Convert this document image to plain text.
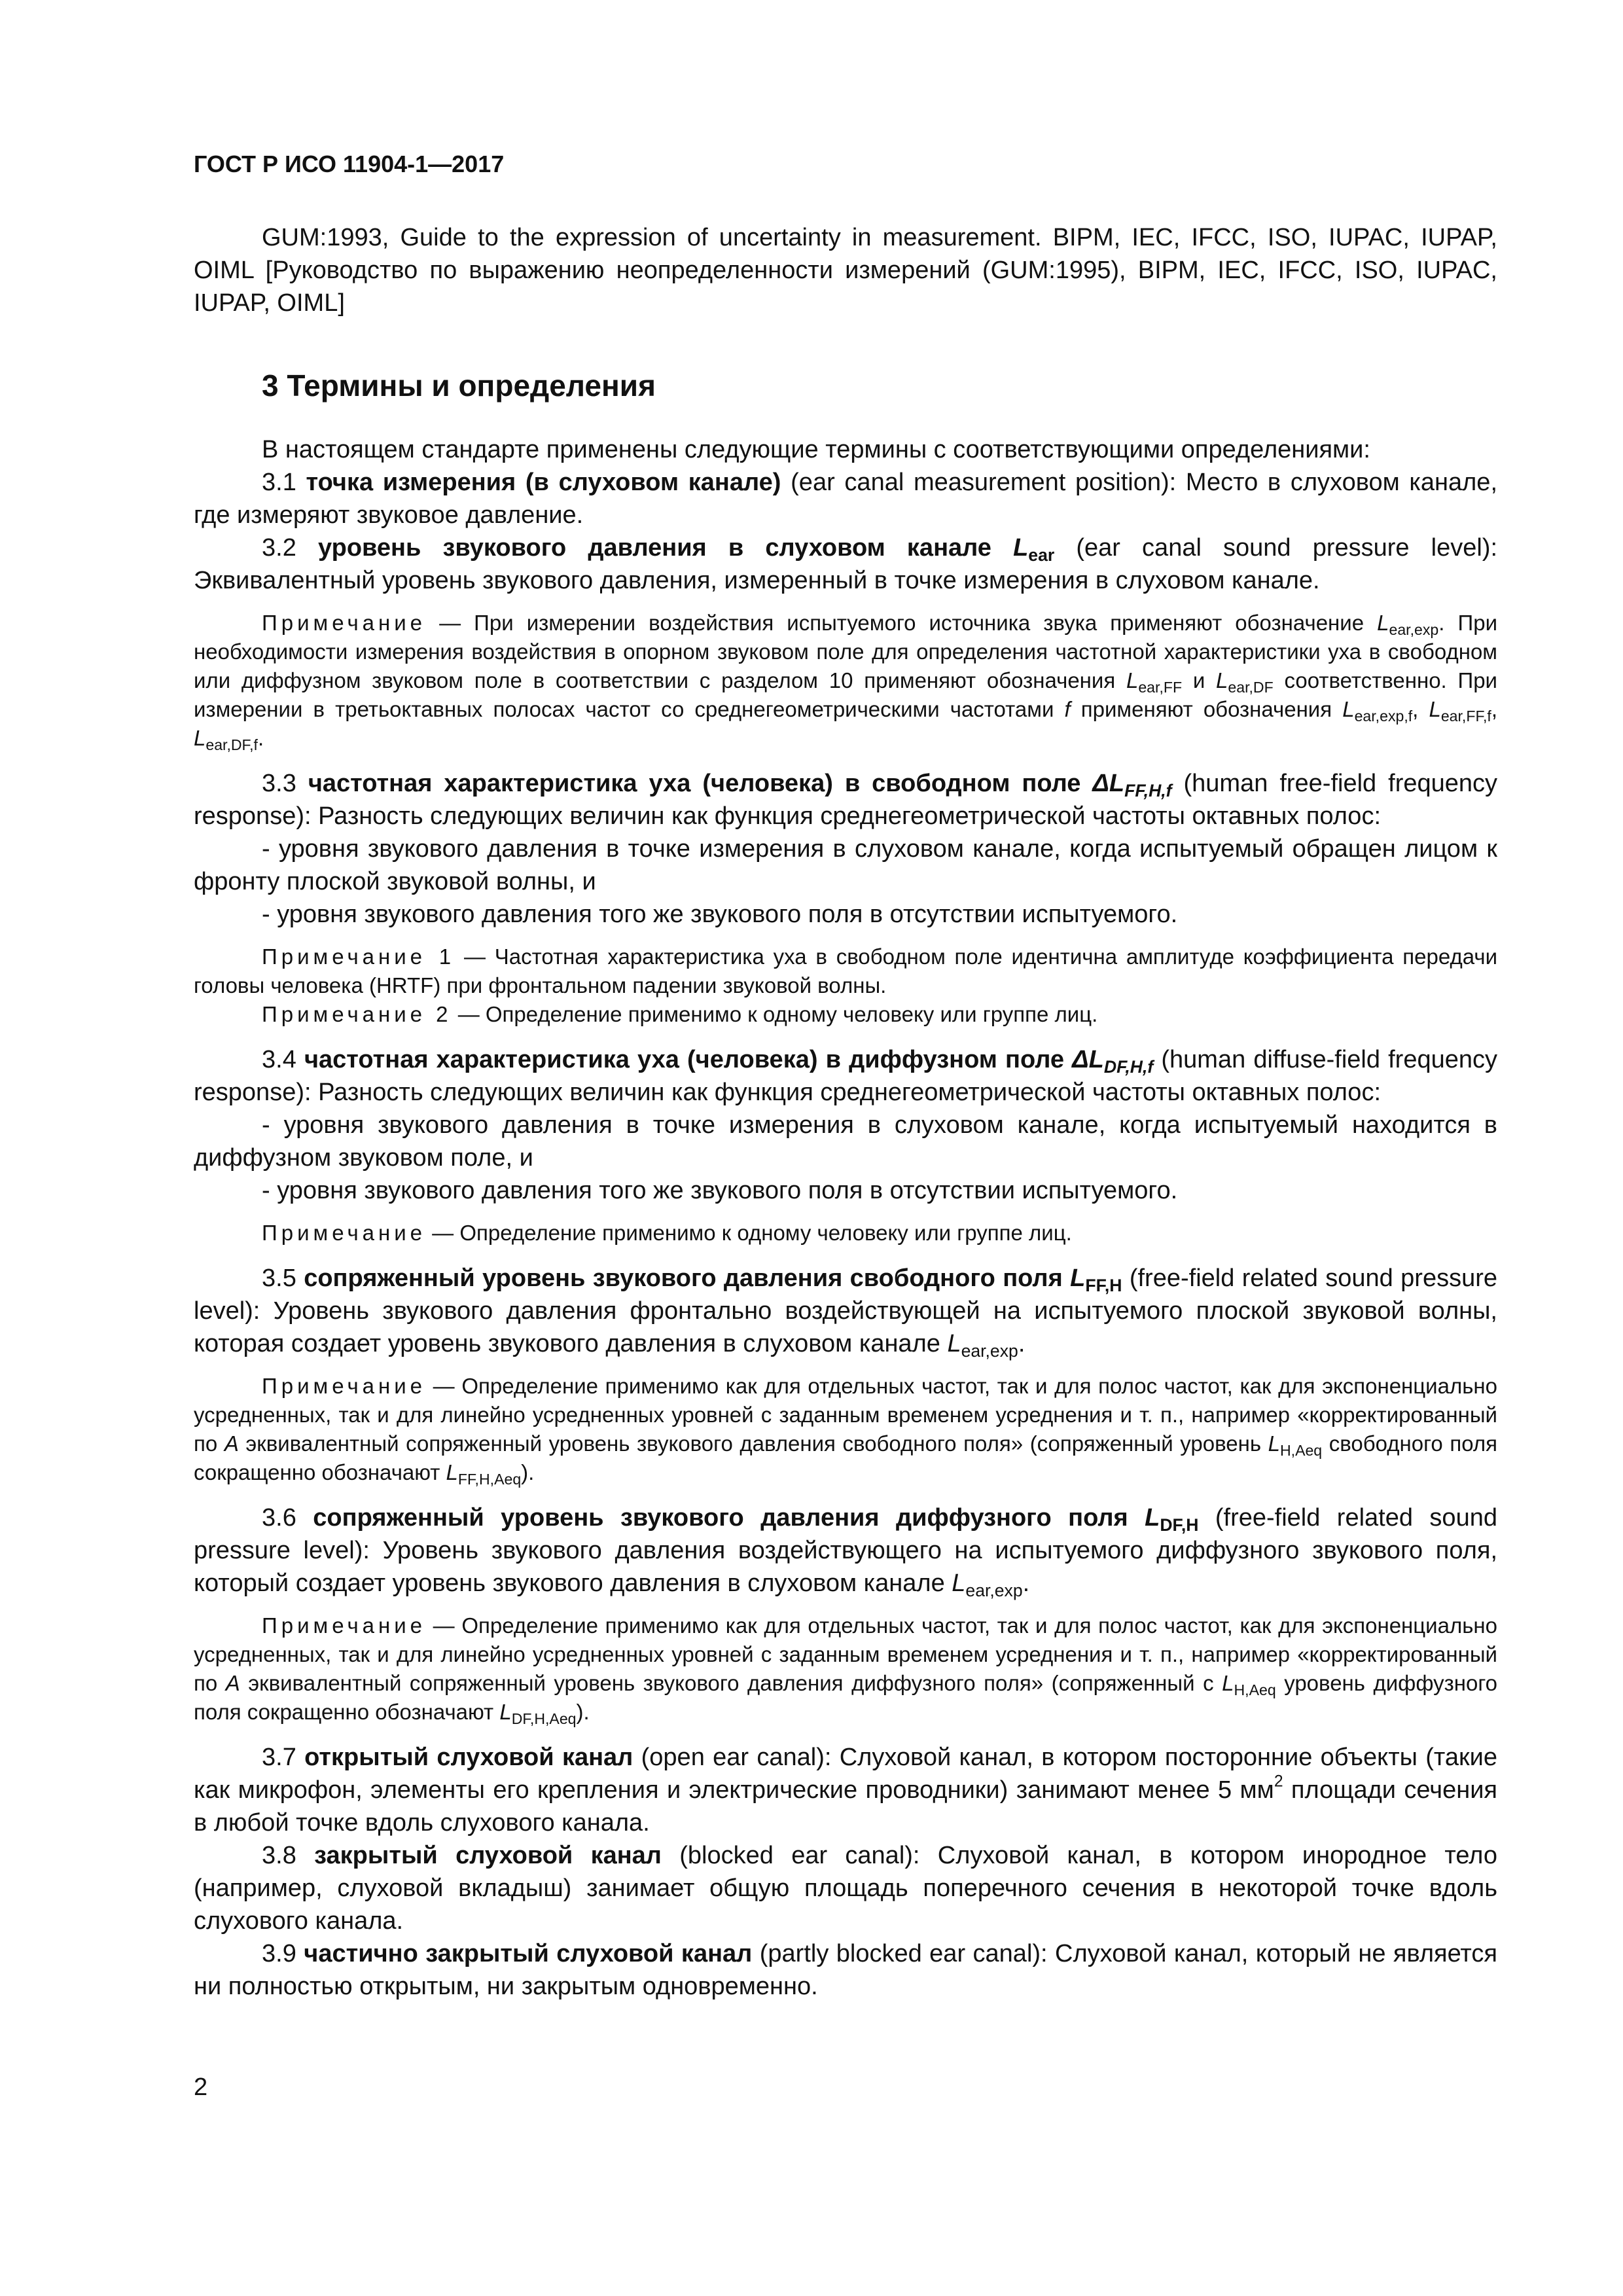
ГОСТ Р ИСО 11904-1—2017

GUM:1993, Guide to the expression of uncertainty in measurement. BIPM, IEC, IFCC, ISO, IUPAC, IUPAP, OIML [Руководство по выражению неопределенности измерений (GUM:1995), BIPM, IEC, IFCC, ISO, IUPAC, IUPAP, OIML]

3 Термины и определения

В настоящем стандарте применены следующие термины с соответствующими определениями:

3.1 точка измерения (в слуховом канале) (ear canal measurement position): Место в слуховом канале, где измеряют звуковое давление.

3.2 уровень звукового давления в слуховом канале $L_{ear}$ (ear canal sound pressure level): Эквивалентный уровень звукового давления, измеренный в точке измерения в слуховом канале.

Примечание — При измерении воздействия испытуемого источника звука применяют обозначение $L_{ear,exp}$. При необходимости измерения воздействия в опорном звуковом поле для определения частотной характеристики уха в свободном или диффузном звуковом поле в соответствии с разделом 10 применяют обозначения $L_{ear,FF}$ и $L_{ear,DF}$ соответственно. При измерении в третьоктавных полосах частот со среднегеометрическими частотами f применяют обозначения $L_{ear,exp,f}$, $L_{ear,FF,f}$, $L_{ear,DF,f}$.

3.3 частотная характеристика уха (человека) в свободном поле $\Delta L_{FF,H,f}$ (human free-field frequency response): Разность следующих величин как функция среднегеометрической частоты октавных полос:

- уровня звукового давления в точке измерения в слуховом канале, когда испытуемый обращен лицом к фронту плоской звуковой волны, и

- уровня звукового давления того же звукового поля в отсутствии испытуемого.

Примечание 1 — Частотная характеристика уха в свободном поле идентична амплитуде коэффициента передачи головы человека (HRTF) при фронтальном падении звуковой волны.

Примечание 2 — Определение применимо к одному человеку или группе лиц.

3.4 частотная характеристика уха (человека) в диффузном поле $\Delta L_{DF,H,f}$ (human diffuse-field frequency response): Разность следующих величин как функция среднегеометрической частоты октавных полос:

- уровня звукового давления в точке измерения в слуховом канале, когда испытуемый находится в диффузном звуковом поле, и

- уровня звукового давления того же звукового поля в отсутствии испытуемого.

Примечание — Определение применимо к одному человеку или группе лиц.

3.5 сопряженный уровень звукового давления свободного поля $L_{FF,H}$ (free-field related sound pressure level): Уровень звукового давления фронтально воздействующей на испытуемого плоской звуковой волны, которая создает уровень звукового давления в слуховом канале $L_{ear,exp}$.

Примечание — Определение применимо как для отдельных частот, так и для полос частот, как для экспоненциально усредненных, так и для линейно усредненных уровней с заданным временем усреднения и т. п., например «корректированный по A эквивалентный сопряженный уровень звукового давления свободного поля» (сопряженный уровень $L_{H,Aeq}$ свободного поля сокращенно обозначают $L_{FF,H,Aeq}$).

3.6 сопряженный уровень звукового давления диффузного поля $L_{DF,H}$ (free-field related sound pressure level): Уровень звукового давления воздействующего на испытуемого диффузного звукового поля, который создает уровень звукового давления в слуховом канале $L_{ear,exp}$.

Примечание — Определение применимо как для отдельных частот, так и для полос частот, как для экспоненциально усредненных, так и для линейно усредненных уровней с заданным временем усреднения и т. п., например «корректированный по A эквивалентный сопряженный уровень звукового давления диффузного поля» (сопряженный с $L_{H,Aeq}$ уровень диффузного поля сокращенно обозначают $L_{DF,H,Aeq}$).

3.7 открытый слуховой канал (open ear canal): Слуховой канал, в котором посторонние объекты (такие как микрофон, элементы его крепления и электрические проводники) занимают менее 5 $мм^2$ площади сечения в любой точке вдоль слухового канала.

3.8 закрытый слуховой канал (blocked ear canal): Слуховой канал, в котором инородное тело (например, слуховой вкладыш) занимает общую площадь поперечного сечения в некоторой точке вдоль слухового канала.

3.9 частично закрытый слуховой канал (partly blocked ear canal): Слуховой канал, который не является ни полностью открытым, ни закрытым одновременно.

2
